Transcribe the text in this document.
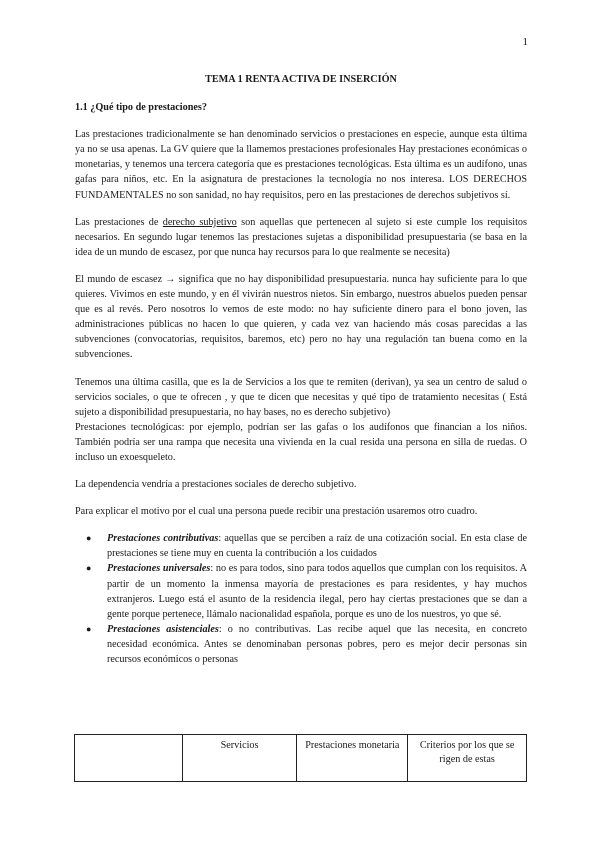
1
TEMA 1 RENTA ACTIVA DE INSERCIÓN
1.1 ¿Qué tipo de prestaciones?

Las prestaciones tradicionalmente se han denominado servicios o prestaciones en especie, aunque esta última ya no se usa apenas. La GV quiere que la llamemos prestaciones profesionales Hay prestaciones económicas o monetarias, y tenemos una tercera categoría que es prestaciones tecnológicas. Esta última es un audífono, unas gafas para niños, etc. En la asignatura de prestaciones la tecnología no nos interesa. LOS DERECHOS FUNDAMENTALES no son sanidad, no hay requisitos, pero en las prestaciones de derechos subjetivos sí.

Las prestaciones de derecho subjetivo son aquellas que pertenecen al sujeto si este cumple los requisitos necesarios. En segundo lugar tenemos las prestaciones sujetas a disponibilidad presupuestaria (se basa en la idea de un mundo de escasez, por que nunca hay recursos para lo que realmente se necesita)

El mundo de escasez → significa que no hay disponibilidad presupuestaria. nunca hay suficiente para lo que quieres. Vivimos en este mundo, y en él vivirán nuestros nietos. Sin embargo, nuestros abuelos pueden pensar que es al revés. Pero nosotros lo vemos de este modo: no hay suficiente dinero para el bono joven, las administraciones públicas no hacen lo que quieren, y cada vez van haciendo más cosas parecidas a las subvenciones (convocatorias, requisitos, baremos, etc) pero no hay una regulación tan buena como en la subvenciones.

Tenemos una última casilla, que es la de Servicios a los que te remiten (derivan), ya sea un centro de salud o servicios sociales, o que te ofrecen , y que te dicen que necesitas y qué tipo de tratamiento necesitas ( Está sujeto a disponibilidad presupuestaria, no hay bases, no es derecho subjetivo)

Prestaciones tecnológicas: por ejemplo, podrían ser las gafas o los audífonos que financian a los niños. También podría ser una rampa que necesita una vivienda en la cual resida una persona en silla de ruedas. O incluso un exoesqueleto.

La dependencia vendría a prestaciones sociales de derecho subjetivo.

Para explicar el motivo por el cual una persona puede recibir una prestación usaremos otro cuadro.

● Prestaciones contributivas: aquellas que se perciben a raíz de una cotización social. En esta clase de prestaciones se tiene muy en cuenta la contribución a los cuidados
● Prestaciones universales: no es para todos, sino para todos aquellos que cumplan con los requisitos. A partir de un momento la inmensa mayoría de prestaciones es para residentes, y hay muchos extranjeros. Luego está el asunto de la residencia ilegal, pero hay ciertas prestaciones que se dan a gente porque pertenece, llámalo nacionalidad española, porque es uno de los nuestros, yo que sé.
● Prestaciones asistenciales: o no contributivas. Las recibe aquel que las necesita, en concreto necesidad económica. Antes se denominaban personas pobres, pero es mejor decir personas sin recursos económicos o personas
	Servicios	Prestaciones monetaria	Criterios por los que se rigen de estas
